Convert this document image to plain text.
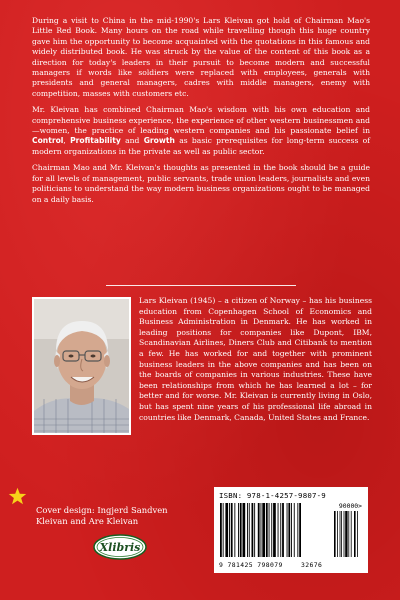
During a visit to China in the mid-1990's Lars Kleivan got hold of Chairman Mao's Little Red Book. Many hours on the road while travelling though this huge country gave him the opportunity to become acquainted with the quotations in this famous and widely distributed book. He was struck by the value of the content of this book as a direction for today's leaders in their pursuit to become modern and successful managers if words like soldiers were replaced with employees, generals with presidents and general managers, cadres with middle managers, enemy with competition, masses with customers etc.

Mr. Kleivan has combined Chairman Mao's wisdom with his own education and comprehensive business experience, the experience of other western businessmen and—women, the practice of leading western companies and his passionate belief in Control, Profitability and Growth as basic prerequisites for long-term success of modern organizations in the private as well as public sector.

Chairman Mao and Mr. Kleivan's thoughts as presented in the book should be a guide for all levels of management, public servants, trade union leaders, journalists and even politicians to understand the way modern business organizations ought to be managed on a daily basis.

Lars Kleivan (1945) – a citizen of Norway – has his business education from Copenhagen School of Economics and Business Administration in Denmark. He has worked in leading positions for companies like Dupont, IBM, Scandinavian Airlines, Diners Club and Citibank to mention a few. He has worked for and together with prominent business leaders in the above companies and has been on the boards of companies in various industries. These have been relationships from which he has learned a lot – for better and for worse. Mr. Kleivan is currently living in Oslo, but has spent nine years of his professional life abroad in countries like Denmark, Canada, United States and France.

Cover design: Ingjerd Sandven
Kleivan and Are Kleivan
Xlibris
ISBN: 978-1-4257-9807-9
9 781425 798079	32676
90000>
